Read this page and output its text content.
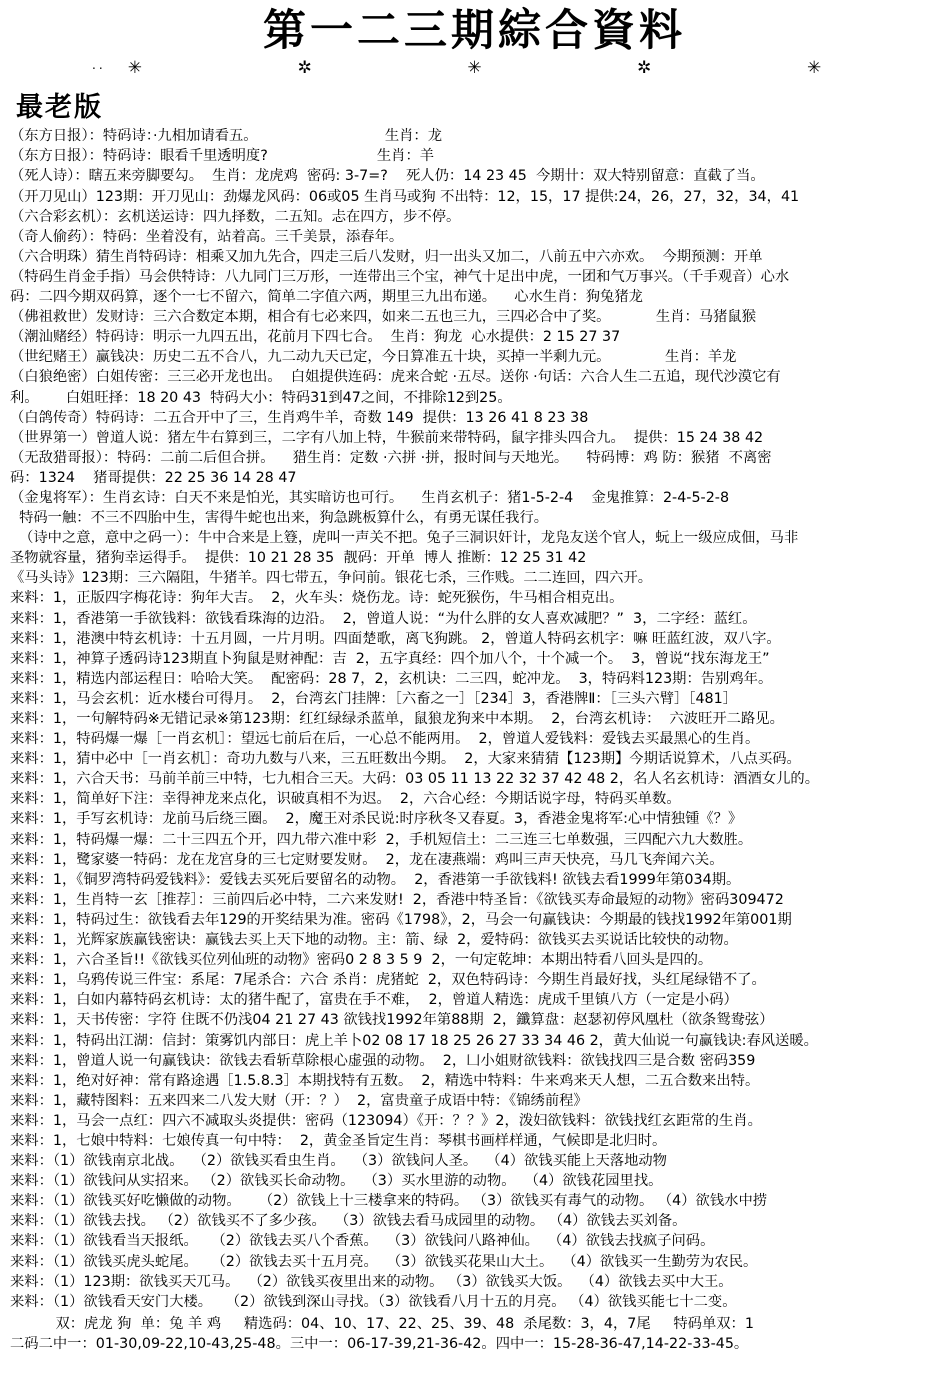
第一二三期綜合資料
.. ✳	✲	✳	✲	✳
最老版
（东方日报）：特码诗：·九相加请看五。                            生肖：龙
（东方日报）：特码诗：眼看千里透明度?                        生肖：羊
（死人诗）：瞎五来旁脚要勾。  生肖：龙虎鸡  密码: 3-7=?    死人仍：14 23 45  今期卄：双大特别留意：直截了当。
（开刀见山）123期：开刀见山：劲爆龙风码：06或05 生肖马或狗 不出特：12，15，17 提供:24，26，27，32，34，41
（六合彩玄机）：玄机送运诗：四九择数，二五知。忐在四方，步不停。
（奇人偷药）：特码：坐着没有，站着高。三千美景，添春年。
（六合明珠）猜生肖特码诗：相乘又加九先合，四走三后八发财，归一出头又加二，八前五中六亦欢。  今期预测：开单
（特码生肖金手指）马会供特诗：八九同门三万形，一连带出三个宝，神气十足出中虎，一团和气万事兴。（千手观音）心水
码：二四今期双码算，逐个一七不留六，简单二字值六两，期里三九出布递。    心水生肖：狗兔猪龙
（佛祖救世）发财诗：三六合数定本期，相合有七必来四，如来二五也三九，三四必合中了奖。          生肖：马猪鼠猴
（潮汕赌经）特码诗：明示一九四五出，花前月下四七合。  生肖：狗龙  心水提供：2 15 27 37
（世纪赌王）赢钱决：历史二五不合八，九二动九天已定，今日算准五十块，买掉一半剩九元。            生肖：羊龙
（白狼绝密）白姐传密：三三必开龙也出。  白姐提供连码：虎来合蛇 ·五尽。送你 ·句话：六合人生二五追，现代沙漠它有
利。      白姐旺择：18 20 43  特码大小：特码31到47之间，不排除12到25。
（白鸽传奇）特码诗：二五合开中了三，生肖鸡牛羊，奇数 149  提供：13 26 41 8 23 38
（世界第一）曾道人说：猪左牛右算到三，二字有八加上特，牛猴前来带特码，鼠字排头四合九。  提供：15 24 38 42
（无敌猎哥报）：特码：二前二后但合拼。    猎生肖：定数 ·六拼 ·拼，报时间与天地光。    特码博：鸡 防：猴猪  不离密
码：1324    猪哥提供：22 25 36 14 28 47
（金鬼将军）：生肖玄诗：白天不来是怕光，其实暗访也可行。    生肖玄机子：猪1-5-2-4    金鬼推算：2-4-5-2-8
特码一触：不三不四胎中生，害得牛蛇也出来，狗急跳板算什么，有勇无谋任我行。
（诗中之意，意中之码一）：牛中合来是上簦，虎叫一声关不把。兔子三洞识奸计，龙凫友送个官人，蚖上一级应成佃，马非
圣物就容量，猪狗幸运得手。  提供：10 21 28 35  靓码：开单  博人 推断：12 25 31 42
《马头诗》123期：三六隔阻，牛猪羊。四七带五，争问前。银花七杀，三作贱。二二连回，四六开。
来料：1，正版四字梅花诗：狗年大吉。  2，火车头：烧伤龙。诗：蛇死猴伤，牛马相合相克出。
来料：1，香港第一手欲钱料：欲钱看珠海的边沿。  2，曾道人说：“为什么胖的女人喜欢减肥？”  3，二字经：蓝红。
来料：1，港澳中特玄机诗：十五月圆，一片月明。四面楚歌，离飞狗跳。 2，曾道人特码玄机字：嘛 旺蓝红波，双八字。
来料：1，神算子透码诗123期直卜狗鼠是财神配：吉  2，五字真经：四个加八个，十个减一个。  3，曾说“找东海龙王”
来料：1，精选内部运程日：哈哈大笑。  配密码：28 7，2，玄机诀：二三四，蛇冲龙。  3，特码料123期：告别鸡年。
来料：1，马会玄机：近水楼台可得月。  2，台湾玄门挂牌：［六畜之一］［234］3，香港牌Ⅱ：［三头六臂］［481］
来料：1，一句解特码※无错记录※第123期：红红绿绿杀蓝单，鼠狼龙狗来中本期。  2，台湾玄机诗：  六波旺开二路见。
来料：1，特码爆一爆［一肖玄机］：望远七前后在后，一心总不能两用。  2，曾道人爱钱料：爱钱去买最黑心的生肖。
来料：1，猜中必中［一肖玄机］：奇功九数与八来，三五旺数出今期。  2，大家来猜猜【123期】今期话说算术，八点买码。
来料：1，六合天书：马前羊前三中特，七九相合三天。大码：03 05 11 13 22 32 37 42 48 2，名人名玄机诗：酒酒女儿的。
来料：1，简单好下注：幸得神龙来点化，识破真相不为迟。  2，六合心经：今期话说字母，特码买单数。
来料：1，手写玄机诗：龙前马后绕三圈。  2，魔王对杀民说:时序秋冬又春夏。3，香港金鬼将军:心中情独锺《？》
来料：1，特码爆一爆：二十三四五个开，四九带六准中彩  2，手机短信土：二三连三七单数强，三四配六九大数胜。
来料：1，鹭家婆一特码：龙在龙宫身的三七定财要发财。  2，龙在凄燕端：鸡叫三声天快亮，马几飞奔闻六关。
来料：1，《铜罗湾特码爱钱料》：爱钱去买死后要留名的动物。  2，香港第一手欲钱料! 欲钱去看1999年第034期。
来料：1，生肖特一玄［推荐］：三前四后必中特，二六来发财!  2，香港中特圣旨：《欲钱买寿命最短的动物》密码309472
来料：1，特码过生：欲钱看去年129的开奖结果为准。密码《1798》，2，马会一句赢钱诀：今期最的钱找1992年第001期
来料：1，光辉家族赢钱密诀：赢钱去买上天下地的动物。主：箭、绿  2，爱特码：欲钱买去买说话比较快的动物。
来料：1，六合圣旨!!《欲钱买位列仙班的动物》密码0 2 8 3 5 9  2，一句定乾坤：本期出特看八回头是四的。
来料：1，乌鸦传说三件宝：系尾：7尾杀合：六合 杀肖：虎猪蛇  2，双色特码诗：今期生肖最好找，头红尾绿错不了。
来料：1，白如内幕特码玄机诗：太的猪牛配了，富贵在手不难，  2，曾道人精选：虎成千里镇八方（一定是小码）
来料：1，天书传密：字符 住既不仍浅04 21 27 43 欲钱找1992年第88期  2，鑯算盘：赵瑟初停风凰杜（欲条鸳鸯弦）
来料：1，特码出江湖：信封：策雾饥内部日：虎上羊卜02 08 17 18 25 26 27 33 34 46 2，黄大仙说一句赢钱诀:春风送暖。
来料：1，曾道人说一句赢钱诀：欲钱去看斩草除根心虚强的动物。  2，凵小姐财欲钱料：欲钱找四三是合数 密码359
来料：1，绝对好神：常有路途遇［1.5.8.3］本期找特有五数。  2，精选中特料：牛来鸡来天人想，二五合数来出特。
来料：1，藏特图料：五来四来二八发大财（开：？）  2，富贵童子成语中特：《锦绣前程》
来料：1，马会一点红：四六不减取头炎提供：密码（123094）《开：？？》2，泼妇欲钱料：欲钱找红玄距常的生肖。
来料：1，七娘中特料：七娘传真一句中特：  2，黄金圣旨定生肖：琴棋书画样样通，气候即是北归时。
来料：（1）欲钱南京北战。  （2）欲钱买看虫生肖。  （3）欲钱问人圣。  （4）欲钱买能上天落地动物
来料：（1）欲钱问从实招来。 （2）欲钱买长命动物。  （3）买水里游的动物。  （4）欲钱花园里找。
来料：（1）欲钱买好吃懒做的动物。    （2）欲钱上十三楼拿来的特码。 （3）欲钱买有毒气的动物。 （4）欲钱水中捞
来料：（1）欲钱去找。 （2）欲钱买不了多少孩。  （3）欲钱去看马成园里的动物。 （4）欲钱去买刘备。
来料：（1）欲钱看当天报纸。   （2）欲钱去买八个香蕉。  （3）欲钱问八路神仙。  （4）欲钱去找疯子问码。
来料：（1）欲钱买虎头蛇尾。   （2）欲钱去买十五月亮。  （3）欲钱买花果山大土。  （4）欲钱买一生勤劳为农民。
来料：（1）123期：欲钱买天兀马。  （2）欲钱买夜里出来的动物。 （3）欲钱买大饭。  （4）欲钱去买中大王。
来料：（1）欲钱看天安门大楼。   （2）欲钱到深山寻找。（3）欲钱看八月十五的月亮。 （4）欲钱买能七十二变。
双：虎龙 狗  单：兔 羊 鸡     精选码：04、10、17、22、25、39、48  杀尾数：3，4，7尾     特码单双：1
二码二中一：01-30,09-22,10-43,25-48。三中一：06-17-39,21-36-42。四中一：15-28-36-47,14-22-33-45。
